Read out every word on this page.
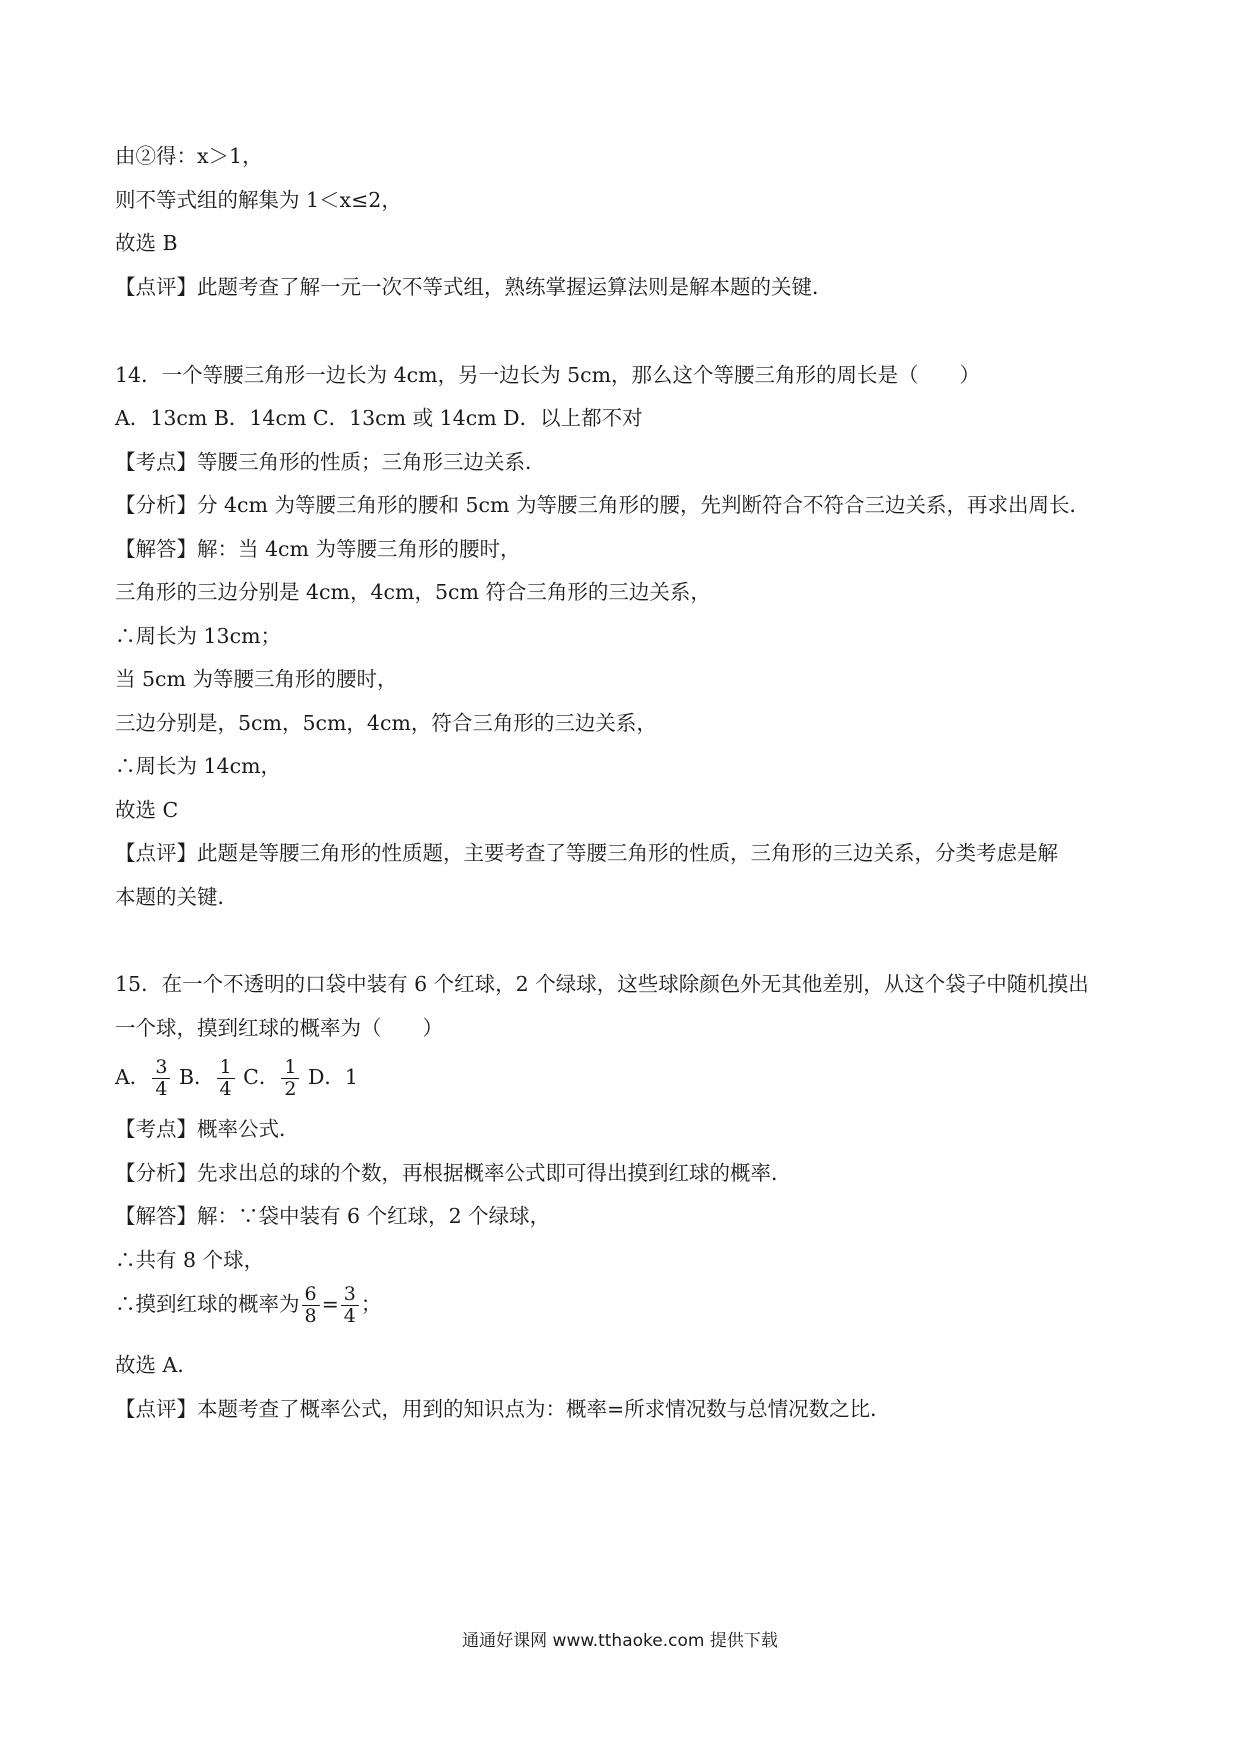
由②得：x＞1，
则不等式组的解集为 1＜x≤2，
故选 B
【点评】此题考查了解一元一次不等式组，熟练掌握运算法则是解本题的关键．
14．一个等腰三角形一边长为 4cm，另一边长为 5cm，那么这个等腰三角形的周长是（　　）
A．13cm B．14cm C．13cm 或 14cm D．以上都不对
【考点】等腰三角形的性质；三角形三边关系．
【分析】分 4cm 为等腰三角形的腰和 5cm 为等腰三角形的腰，先判断符合不符合三边关系，再求出周长．
【解答】解：当 4cm 为等腰三角形的腰时，
三角形的三边分别是 4cm，4cm，5cm 符合三角形的三边关系，
∴周长为 13cm；
当 5cm 为等腰三角形的腰时，
三边分别是，5cm，5cm，4cm，符合三角形的三边关系，
∴周长为 14cm，
故选 C
【点评】此题是等腰三角形的性质题，主要考查了等腰三角形的性质，三角形的三边关系，分类考虑是解
本题的关键．
15．在一个不透明的口袋中装有 6 个红球，2 个绿球，这些球除颜色外无其他差别，从这个袋子中随机摸出
一个球，摸到红球的概率为（　　）
A． $\frac{3}{4}$ B． $\frac{1}{4}$ C． $\frac{1}{2}$ D．1
【考点】概率公式．
【分析】先求出总的球的个数，再根据概率公式即可得出摸到红球的概率．
【解答】解：∵袋中装有 6 个红球，2 个绿球，
∴共有 8 个球，
∴摸到红球的概率为 $\frac{6}{8} = \frac{3}{4}$ ；
故选 A．
【点评】本题考查了概率公式，用到的知识点为：概率=所求情况数与总情况数之比．
通通好课网 www.tthaoke.com 提供下载
